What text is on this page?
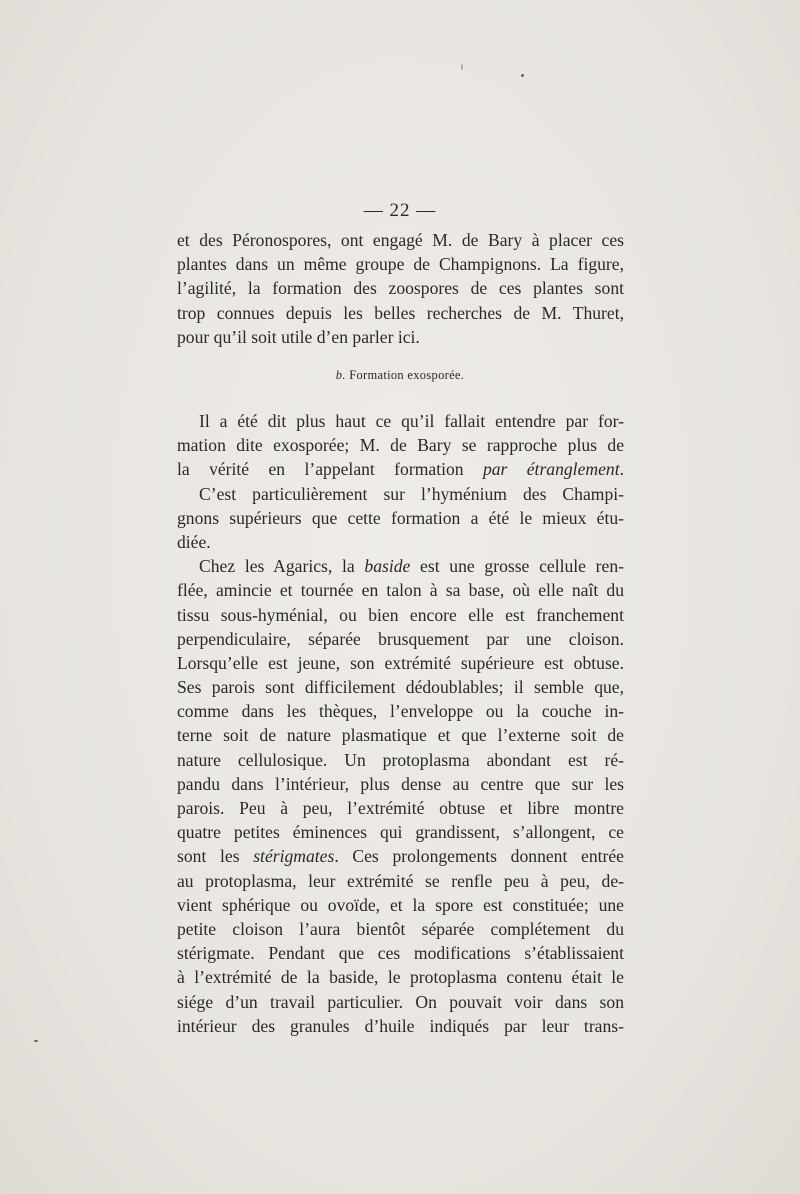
— 22 —
et des Péronospores, ont engagé M. de Bary à placer ces
plantes dans un même groupe de Champignons. La figure,
l’agilité, la formation des zoospores de ces plantes sont
trop connues depuis les belles recherches de M. Thuret,
pour qu’il soit utile d’en parler ici.
b. Formation exosporée.
Il a été dit plus haut ce qu’il fallait entendre par for-
mation dite exosporée; M. de Bary se rapproche plus de
la vérité en l’appelant formation par étranglement.
C’est particulièrement sur l’hyménium des Champi-
gnons supérieurs que cette formation a été le mieux étu-
diée.
Chez les Agarics, la baside est une grosse cellule ren-
flée, amincie et tournée en talon à sa base, où elle naît du
tissu sous-hyménial, ou bien encore elle est franchement
perpendiculaire, séparée brusquement par une cloison.
Lorsqu’elle est jeune, son extrémité supérieure est obtuse.
Ses parois sont difficilement dédoublables; il semble que,
comme dans les thèques, l’enveloppe ou la couche in-
terne soit de nature plasmatique et que l’externe soit de
nature cellulosique. Un protoplasma abondant est ré-
pandu dans l’intérieur, plus dense au centre que sur les
parois. Peu à peu, l’extrémité obtuse et libre montre
quatre petites éminences qui grandissent, s’allongent, ce
sont les stérigmates. Ces prolongements donnent entrée
au protoplasma, leur extrémité se renfle peu à peu, de-
vient sphérique ou ovoïde, et la spore est constituée; une
petite cloison l’aura bientôt séparée complétement du
stérigmate. Pendant que ces modifications s’établissaient
à l’extrémité de la baside, le protoplasma contenu était le
siége d’un travail particulier. On pouvait voir dans son
intérieur des granules d’huile indiqués par leur trans-
